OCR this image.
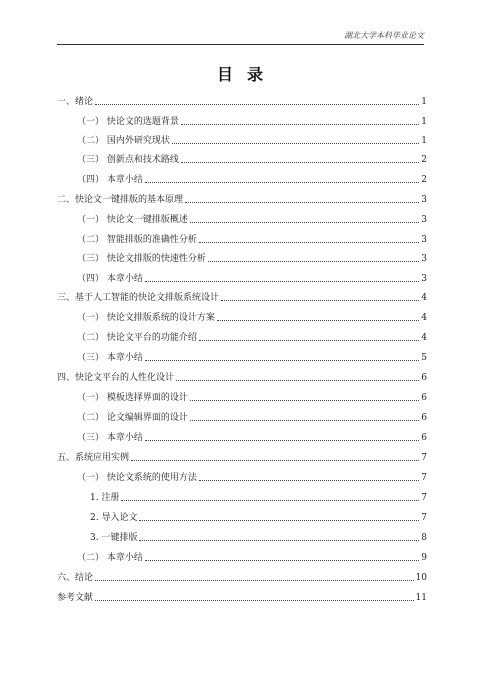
湖北大学本科毕业论文
目录
一、绪论	1
（一） 快论文的选题背景	1
（二） 国内外研究现状	1
（三） 创新点和技术路线	2
（四） 本章小结	2
二、快论文一键排版的基本原理	3
（一） 快论文一键排版概述	3
（二） 智能排版的准确性分析	3
（三） 快论文排版的快速性分析	3
（四） 本章小结	3
三、基于人工智能的快论文排版系统设计	4
（一） 快论文排版系统的设计方案	4
（二） 快论文平台的功能介绍	4
（三） 本章小结	5
四、快论文平台的人性化设计	6
（一） 模板选择界面的设计	6
（二） 论文编辑界面的设计	6
（三） 本章小结	6
五、系统应用实例	7
（一） 快论文系统的使用方法	7
1. 注册	7
2. 导入论文	7
3. 一键排版	8
（二） 本章小结	9
六、结论	10
参考文献	11
